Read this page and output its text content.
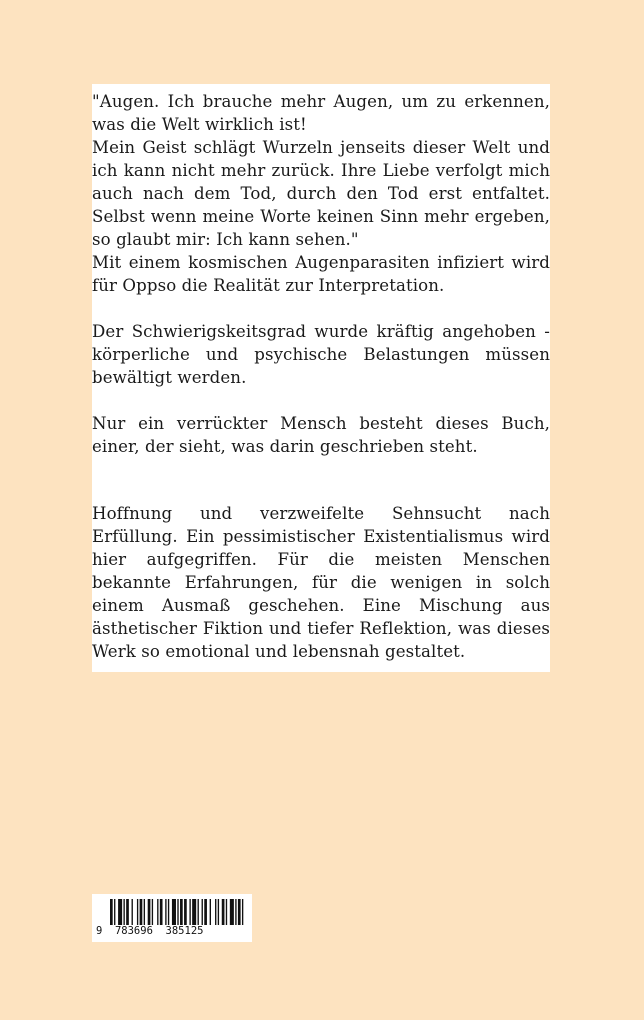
"Augen. Ich brauche mehr Augen, um zu erkennen, was die Welt wirklich ist!
Mein Geist schlägt Wurzeln jenseits dieser Welt und ich kann nicht mehr zurück. Ihre Liebe verfolgt mich auch nach dem Tod, durch den Tod erst entfaltet. Selbst wenn meine Worte keinen Sinn mehr ergeben, so glaubt mir: Ich kann sehen."
Mit einem kosmischen Augenparasiten infiziert wird für Oppso die Realität zur Interpretation.

Der Schwierigskeitsgrad wurde kräftig angehoben - körperliche und psychische Belastungen müssen bewältigt werden.

Nur ein verrückter Mensch besteht dieses Buch, einer, der sieht, was darin geschrieben steht.

Hoffnung und verzweifelte Sehnsucht nach Erfüllung. Ein pessimistischer Existentialismus wird hier aufgegriffen. Für die meisten Menschen bekannte Erfahrungen, für die wenigen in solch einem Ausmaß geschehen. Eine Mischung aus ästhetischer Fiktion und tiefer Reflektion, was dieses Werk so emotional und lebensnah gestaltet.

9  783696  385125
